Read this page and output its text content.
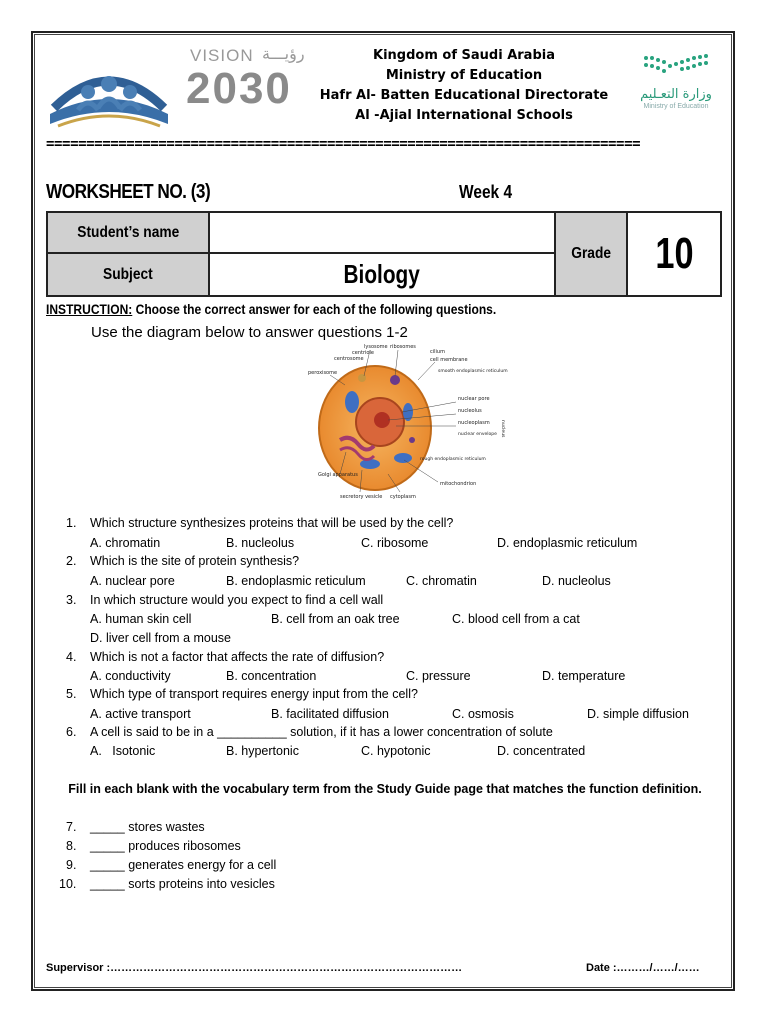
VISION رؤيـــة
2030
Kingdom of Saudi Arabia
Ministry of Education
Hafr Al- Batten Educational Directorate
Al -Ajial International Schools
وزارة التعـليم
Ministry of Education
==========================================================================
WORKSHEET NO. (3)	Week 4
Student’s name		Grade	10
Subject	Biology		
INSTRUCTION: Choose the correct answer for each of the following questions.
Use the diagram below to answer questions 1-2
lysosome ribosomes
centriole	cilium
centrosome	cell membrane
peroxisome	smooth endoplasmic reticulum
nuclear pore
nucleolus
nucleoplasm
nuclear envelope nucleus
rough endoplasmic reticulum
Golgi apparatus
secretory vesicle cytoplasm
mitochondrion
1. Which structure synthesizes proteins that will be used by the cell?
A. chromatin	B. nucleolus	C. ribosome	D. endoplasmic reticulum
2. Which is the site of protein synthesis?
A. nuclear pore	B. endoplasmic reticulum	C. chromatin	D. nucleolus
3. In which structure would you expect to find a cell wall
A. human skin cell	B. cell from an oak tree	C. blood cell from a cat
D. liver cell from a mouse
4. Which is not a factor that affects the rate of diffusion?
A. conductivity	B. concentration	C. pressure	D. temperature
5. Which type of transport requires energy input from the cell?
A. active transport	B. facilitated diffusion	C. osmosis	D. simple diffusion
6. A cell is said to be in a __________ solution, if it has a lower concentration of solute
A.   Isotonic	B. hypertonic	C. hypotonic	D. concentrated
Fill in each blank with the vocabulary term from the Study Guide page that matches the function definition.
7. _____ stores wastes
8. _____ produces ribosomes
9. _____ generates energy for a cell
10. _____ sorts proteins into vesicles
Supervisor :……………………………………………………………………………………	Date :………/……/……
